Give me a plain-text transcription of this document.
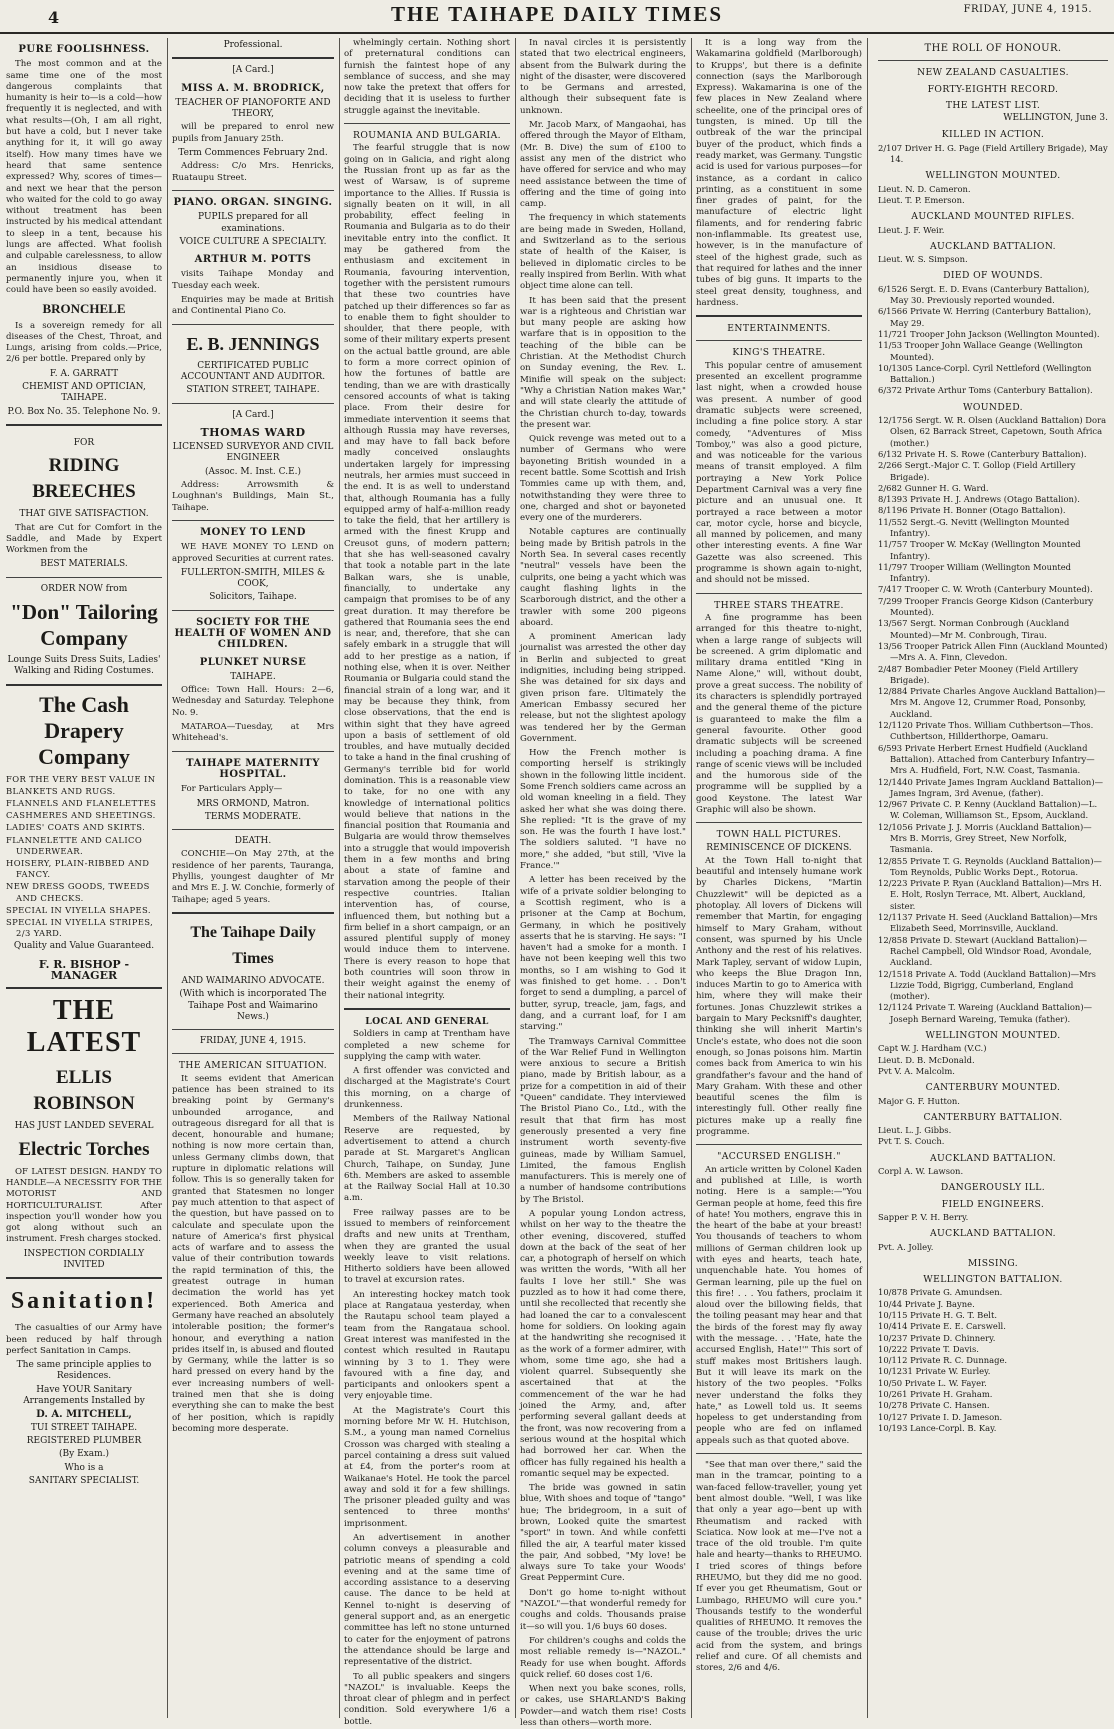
4	THE TAIHAPE DAILY TIMES	FRIDAY, JUNE 4, 1915.
PURE FOOLISHNESS.

The most common and at the same time one of the most dangerous complaints that humanity is heir to—is a cold—how frequently it is neglected, and with what results—(Oh, I am all right, but have a cold, but I never take anything for it, it will go away itself). How many times have we heard that same sentence expressed? Why, scores of times—and next we hear that the person who waited for the cold to go away without treatment has been instructed by his medical attendant to sleep in a tent, because his lungs are affected. What foolish and culpable carelessness, to allow an insidious disease to permanently injure you, when it could have been so easily avoided.

BRONCHELE

Is a sovereign remedy for all diseases of the Chest, Throat, and Lungs, arising from colds.—Price, 2/6 per bottle. Prepared only by

F. A. GARRATT
CHEMIST AND OPTICIAN, TAIHAPE.
P.O. Box No. 35. Telephone No. 9.
FOR
RIDING BREECHES
THAT GIVE SATISFACTION.

That are Cut for Comfort in the Saddle, and Made by Expert Workmen from the

BEST MATERIALS.
ORDER NOW from
"Don" Tailoring Company
Lounge Suits Dress Suits, Ladies' Walking and Riding Costumes.
The Cash Drapery Company
FOR THE VERY BEST VALUE IN
BLANKETS AND RUGS.
FLANNELS AND FLANELETTES
CASHMERES AND SHEETINGS.
LADIES' COATS AND SKIRTS.
FLANNELETTE AND CALICO UNDERWEAR.
HOISERY, PLAIN-RIBBED AND FANCY.
NEW DRESS GOODS, TWEEDS AND CHECKS.
SPECIAL IN VIYELLA SHAPES.
SPECIAL IN VIYELLA STRIPES, 2/3 YARD.
Quality and Value Guaranteed.
F. R. BISHOP - MANAGER
THE LATEST
ELLIS ROBINSON
HAS JUST LANDED SEVERAL
Electric Torches

OF LATEST DESIGN. HANDY TO HANDLE—A NECESSITY FOR THE MOTORIST AND HORTICULTURALIST. After inspection you'll wonder how you got along without such an instrument. Fresh charges stocked.

INSPECTION CORDIALLY INVITED
Sanitation!

The casualties of our Army have been reduced by half through perfect Sanitation in Camps.

The same principle applies to Residences.
Have YOUR Sanitary Arrangements Installed by
D. A. MITCHELL,
TUI STREET TAIHAPE.
REGISTERED PLUMBER
(By Exam.)
Who is a
SANITARY SPECIALIST.
Professional.
[A Card.]
MISS A. M. BRODRICK,
TEACHER OF PIANOFORTE AND THEORY,

will be prepared to enrol new pupils from January 25th.

Term Commences February 2nd.

Address: C/o Mrs. Henricks, Ruataupu Street.

PIANO. ORGAN. SINGING.
PUPILS prepared for all examinations.
VOICE CULTURE A SPECIALTY.
ARTHUR M. POTTS

visits Taihape Monday and Tuesday each week.

Enquiries may be made at British and Continental Piano Co.

E. B. JENNINGS
CERTIFICATED PUBLIC ACCOUNTANT AND AUDITOR.
STATION STREET, TAIHAPE.
[A Card.]
THOMAS WARD
LICENSED SURVEYOR AND CIVIL ENGINEER
(Assoc. M. Inst. C.E.)

Address: Arrowsmith & Loughnan's Buildings, Main St., Taihape.

MONEY TO LEND

WE HAVE MONEY TO LEND on approved Securities at current rates.

FULLERTON-SMITH, MILES & COOK,
Solicitors, Taihape.
SOCIETY FOR THE HEALTH OF WOMEN AND CHILDREN.
PLUNKET NURSE
TAIHAPE.

Office: Town Hall. Hours: 2—6, Wednesday and Saturday. Telephone No. 9.

MATAROA—Tuesday, at Mrs Whitehead's.

TAIHAPE MATERNITY HOSPITAL.

For Particulars Apply—

MRS ORMOND, Matron.
TERMS MODERATE.
DEATH.

CONCHIE—On May 27th, at the residence of her parents, Tauranga, Phyllis, youngest daughter of Mr and Mrs E. J. W. Conchie, formerly of Taihape; aged 5 years.

The Taihape Daily Times
AND WAIMARINO ADVOCATE.
(With which is incorporated The Taihape Post and Waimarino News.)
FRIDAY, JUNE 4, 1915.
THE AMERICAN SITUATION.

It seems evident that American patience has been strained to its breaking point by Germany's unbounded arrogance, and outrageous disregard for all that is decent, honourable and humane; nothing is now more certain than, unless Germany climbs down, that rupture in diplomatic relations will follow. This is so generally taken for granted that Statesmen no longer pay much attention to that aspect of the question, but have passed on to calculate and speculate upon the nature of America's first physical acts of warfare and to assess the value of their contribution towards the rapid termination of this, the greatest outrage in human decimation the world has yet experienced. Both America and Germany have reached an absolutely intolerable position; the former's honour, and everything a nation prides itself in, is abused and flouted by Germany, while the latter is so hard pressed on every hand by the ever increasing numbers of well-trained men that she is doing everything she can to make the best of her position, which is rapidly becoming more desperate.

whelmingly certain. Nothing short of preternatural conditions can furnish the faintest hope of any semblance of success, and she may now take the pretext that offers for deciding that it is useless to further struggle against the inevitable.

ROUMANIA AND BULGARIA.

The fearful struggle that is now going on in Galicia, and right along the Russian front up as far as the west of Warsaw, is of supreme importance to the Allies. If Russia is signally beaten on it will, in all probability, effect feeling in Roumania and Bulgaria as to do their inevitable entry into the conflict. It may be gathered from the enthusiasm and excitement in Roumania, favouring intervention, together with the persistent rumours that these two countries have patched up their differences so far as to enable them to fight shoulder to shoulder, that there people, with some of their military experts present on the actual battle ground, are able to form a more correct opinion of how the fortunes of battle are tending, than we are with drastically censored accounts of what is taking place. From their desire for immediate intervention it seems that although Russia may have reverses, and may have to fall back before madly conceived onslaughts undertaken largely for impressing neutrals, her armies must succeed in the end. It is as well to understand that, although Roumania has a fully equipped army of half-a-million ready to take the field, that her artillery is armed with the finest Krupp and Creusot guns, of modern pattern; that she has well-seasoned cavalry that took a notable part in the late Balkan wars, she is unable, financially, to undertake any campaign that promises to be of any great duration. It may therefore be gathered that Roumania sees the end is near, and, therefore, that she can safely embark in a struggle that will add to her prestige as a nation, if nothing else, when it is over. Neither Roumania or Bulgaria could stand the financial strain of a long war, and it may be because they think, from close observations, that the end is within sight that they have agreed upon a basis of settlement of old troubles, and have mutually decided to take a hand in the final crushing of Germany's terrible bid for world domination. This is a reasonable view to take, for no one with any knowledge of international politics would believe that nations in the financial position that Roumania and Bulgaria are would throw themselves into a struggle that would impoverish them in a few months and bring about a state of famine and starvation among the people of their respective countries. Italian intervention has, of course, influenced them, but nothing but a firm belief in a short campaign, or an assured plentiful supply of money would induce them to intervene. There is every reason to hope that both countries will soon throw in their weight against the enemy of their national integrity.

LOCAL AND GENERAL

Soldiers in camp at Trentham have completed a new scheme for supplying the camp with water.

A first offender was convicted and discharged at the Magistrate's Court this morning, on a charge of drunkenness.

Members of the Railway National Reserve are requested, by advertisement to attend a church parade at St. Margaret's Anglican Church, Taihape, on Sunday, June 6th. Members are asked to assemble at the Railway Social Hall at 10.30 a.m.

Free railway passes are to be issued to members of reinforcement drafts and new units at Trentham, when they are granted the usual weekly leave to visit relations. Hitherto soldiers have been allowed to travel at excursion rates.

An interesting hockey match took place at Rangataua yesterday, when the Rautapu school team played a team from the Rangataua school. Great interest was manifested in the contest which resulted in Rautapu winning by 3 to 1. They were favoured with a fine day, and participants and onlookers spent a very enjoyable time.

At the Magistrate's Court this morning before Mr W. H. Hutchison, S.M., a young man named Cornelius Crosson was charged with stealing a parcel containing a dress suit valued at £4, from the porter's room at Waikanae's Hotel. He took the parcel away and sold it for a few shillings. The prisoner pleaded guilty and was sentenced to three months' imprisonment.

An advertisement in another column conveys a pleasurable and patriotic means of spending a cold evening and at the same time of according assistance to a deserving cause. The dance to be held at Kennel to-night is deserving of general support and, as an energetic committee has left no stone unturned to cater for the enjoyment of patrons the attendance should be large and representative of the district.

To all public speakers and singers "NAZOL" is invaluable. Keeps the throat clear of phlegm and in perfect condition. Sold everywhere 1/6 a bottle.

In naval circles it is persistently stated that two electrical engineers, absent from the Bulwark during the night of the disaster, were discovered to be Germans and arrested, although their subsequent fate is unknown.

Mr. Jacob Marx, of Mangaohai, has offered through the Mayor of Eltham, (Mr. B. Dive) the sum of £100 to assist any men of the district who have offered for service and who may need assistance between the time of offering and the time of going into camp.

The frequency in which statements are being made in Sweden, Holland, and Switzerland as to the serious state of health of the Kaiser, is believed in diplomatic circles to be really inspired from Berlin. With what object time alone can tell.

It has been said that the present war is a righteous and Christian war but many people are asking how warfare that is in opposition to the teaching of the bible can be Christian. At the Methodist Church on Sunday evening, the Rev. L. Minifie will speak on the subject: "Why a Christian Nation makes War," and will state clearly the attitude of the Christian church to-day, towards the present war.

Quick revenge was meted out to a number of Germans who were bayoneting British wounded in a recent battle. Some Scottish and Irish Tommies came up with them, and, notwithstanding they were three to one, charged and shot or bayoneted every one of the murderers.

Notable captures are continually being made by British patrols in the North Sea. In several cases recently "neutral" vessels have been the culprits, one being a yacht which was caught flashing lights in the Scarborough district, and the other a trawler with some 200 pigeons aboard.

A prominent American lady journalist was arrested the other day in Berlin and subjected to great indignities, including being stripped. She was detained for six days and given prison fare. Ultimately the American Embassy secured her release, but not the slightest apology was tendered her by the German Government.

How the French mother is comporting herself is strikingly shown in the following little incident. Some French soldiers came across an old woman kneeling in a field. They asked her what she was doing there. She replied: "It is the grave of my son. He was the fourth I have lost." The soldiers saluted. "I have no more," she added, "but still, 'Vive la France.'"

A letter has been received by the wife of a private soldier belonging to a Scottish regiment, who is a prisoner at the Camp at Bochum, Germany, in which he positively asserts that he is starving. He says: "I haven't had a smoke for a month. I have not been keeping well this two months, so I am wishing to God it was finished to get home. . . Don't forget to send a dumpling, a parcel of butter, syrup, treacle, jam, fags, and dang, and a currant loaf, for I am starving."

The Tramways Carnival Committee of the War Relief Fund in Wellington were anxious to secure a British piano, made by British labour, as a prize for a competition in aid of their "Queen" candidate. They interviewed The Bristol Piano Co., Ltd., with the result that that firm has most generously presented a very fine instrument worth seventy-five guineas, made by William Samuel, Limited, the famous English manufacturers. This is merely one of a number of handsome contributions by The Bristol.

A popular young London actress, whilst on her way to the theatre the other evening, discovered, stuffed down at the back of the seat of her car, a photograph of herself on which was written the words, "With all her faults I love her still." She was puzzled as to how it had come there, until she recollected that recently she had loaned the car to a convalescent home for soldiers. On looking again at the handwriting she recognised it as the work of a former admirer, with whom, some time ago, she had a violent quarrel. Subsequently she ascertained that at the commencement of the war he had joined the Army, and, after performing several gallant deeds at the front, was now recovering from a serious wound at the hospital which had borrowed her car. When the officer has fully regained his health a romantic sequel may be expected.

The bride was gowned in satin blue, With shoes and toque of "tango" hue; The bridegroom, in a suit of brown, Looked quite the smartest "sport" in town. And while confetti filled the air, A tearful mater kissed the pair, And sobbed, "My love! be always sure To take your Woods' Great Peppermint Cure.

Don't go home to-night without "NAZOL"—that wonderful remedy for coughs and colds. Thousands praise it—so will you. 1/6 buys 60 doses.

For children's coughs and colds the most reliable remedy is—"NAZOL." Ready for use when bought. Affords quick relief. 60 doses cost 1/6.

When next you bake scones, rolls, or cakes, use SHARLAND'S Baking Powder—and watch them rise! Costs less than others—worth more.

It is a long way from the Wakamarina goldfield (Marlborough) to Krupps', but there is a definite connection (says the Marlborough Express). Wakamarina is one of the few places in New Zealand where scheelite, one of the principal ores of tungsten, is mined. Up till the outbreak of the war the principal buyer of the product, which finds a ready market, was Germany. Tungstic acid is used for various purposes—for instance, as a cordant in calico printing, as a constituent in some finer grades of paint, for the manufacture of electric light filaments, and for rendering fabric non-inflammable. Its greatest use, however, is in the manufacture of steel of the highest grade, such as that required for lathes and the inner tubes of big guns. It imparts to the steel great density, toughness, and hardness.

ENTERTAINMENTS.
KING'S THEATRE.

This popular centre of amusement presented an excellent programme last night, when a crowded house was present. A number of good dramatic subjects were screened, including a fine police story. A star comedy, "Adventures of Miss Tomboy," was also a good picture, and was noticeable for the various means of transit employed. A film portraying a New York Police Department Carnival was a very fine picture and an unusual one. It portrayed a race between a motor car, motor cycle, horse and bicycle, all manned by policemen, and many other interesting events. A fine War Gazette was also screened. This programme is shown again to-night, and should not be missed.

THREE STARS THEATRE.

A fine programme has been arranged for this theatre to-night, when a large range of subjects will be screened. A grim diplomatic and military drama entitled "King in Name Alone," will, without doubt, prove a great success. The nobility of its characters is splendidly portrayed and the general theme of the picture is guaranteed to make the film a general favourite. Other good dramatic subjects will be screened including a poaching drama. A fine range of scenic views will be included and the humorous side of the programme will be supplied by a good Keystone. The latest War Graphic will also be shown.

TOWN HALL PICTURES.
REMINISCENCE OF DICKENS.

At the Town Hall to-night that beautiful and intensely humane work by Charles Dickens, "Martin Chuzzlewit" will be depicted as a photoplay. All lovers of Dickens will remember that Martin, for engaging himself to Mary Graham, without consent, was spurned by his Uncle Anthony and the rest of his relatives. Mark Tapley, servant of widow Lupin, who keeps the Blue Dragon Inn, induces Martin to go to America with him, where they will make their fortunes. Jonas Chuzzlewit strikes a bargain to Mary Pecksniff's daughter, thinking she will inherit Martin's Uncle's estate, who does not die soon enough, so Jonas poisons him. Martin comes back from America to win his grandfather's favour and the hand of Mary Graham. With these and other beautiful scenes the film is interestingly full. Other really fine pictures make up a really fine programme.

"ACCURSED ENGLISH."

An article written by Colonel Kaden and published at Lille, is worth noting. Here is a sample:—"You German people at home, feed this fire of hate! You mothers, engrave this in the heart of the babe at your breast! You thousands of teachers to whom millions of German children look up with eyes and hearts, teach hate, unquenchable hate. You homes of German learning, pile up the fuel on this fire! . . . You fathers, proclaim it aloud over the billowing fields, that the toiling peasant may hear and that the birds of the forest may fly away with the message. . . 'Hate, hate the accursed English, Hate!'" This sort of stuff makes most Britishers laugh. But it will leave its mark on the history of the two peoples. "Folks never understand the folks they hate," as Lowell told us. It seems hopeless to get understanding from people who are fed on inflamed appeals such as that quoted above.

"See that man over there," said the man in the tramcar, pointing to a wan-faced fellow-traveller, young yet bent almost double. "Well, I was like that only a year ago—bent up with Rheumatism and racked with Sciatica. Now look at me—I've not a trace of the old trouble. I'm quite hale and hearty—thanks to RHEUMO. I tried scores of things before RHEUMO, but they did me no good. If ever you get Rheumatism, Gout or Lumbago, RHEUMO will cure you." Thousands testify to the wonderful qualities of RHEUMO. It removes the cause of the trouble; drives the uric acid from the system, and brings relief and cure. Of all chemists and stores, 2/6 and 4/6.

THE ROLL OF HONOUR.
NEW ZEALAND CASUALTIES.
FORTY-EIGHTH RECORD.
THE LATEST LIST.
WELLINGTON, June 3.
KILLED IN ACTION.
2/107 Driver H. G. Page (Field Artillery Brigade), May 14.
WELLINGTON MOUNTED.
Lieut. N. D. Cameron.
Lieut. T. P. Emerson.
AUCKLAND MOUNTED RIFLES.
Lieut. J. F. Weir.
AUCKLAND BATTALION.
Lieut. W. S. Simpson.
DIED OF WOUNDS.
6/1526 Sergt. E. D. Evans (Canterbury Battalion), May 30. Previously reported wounded.
6/1566 Private W. Herring (Canterbury Battalion), May 29.
11/721 Trooper John Jackson (Wellington Mounted).
11/53 Trooper John Wallace Geange (Wellington Mounted).
10/1305 Lance-Corpl. Cyril Nettleford (Wellington Battalion.)
6/372 Private Arthur Toms (Canterbury Battalion).
WOUNDED.
12/1756 Sergt. W. R. Olsen (Auckland Battalion) Dora Olsen, 62 Barrack Street, Capetown, South Africa (mother.)
6/132 Private H. S. Rowe (Canterbury Battalion).
2/266 Sergt.-Major C. T. Gollop (Field Artillery Brigade).
2/682 Gunner H. G. Ward.
8/1393 Private H. J. Andrews (Otago Battalion).
8/1196 Private H. Bonner (Otago Battalion).
11/552 Sergt.-G. Nevitt (Wellington Mounted Infantry).
11/757 Trooper W. McKay (Wellington Mounted Infantry).
11/797 Trooper William (Wellington Mounted Infantry).
7/417 Trooper C. W. Wroth (Canterbury Mounted).
7/299 Trooper Francis George Kidson (Canterbury Mounted).
13/567 Sergt. Norman Conbrough (Auckland Mounted)—Mr M. Conbrough, Tirau.
13/56 Trooper Patrick Allen Finn (Auckland Mounted)—Mrs A. A. Finn, Clevedon.
2/487 Bombadier Peter Mooney (Field Artillery Brigade).
12/884 Private Charles Angove Auckland Battalion)—Mrs M. Angove 12, Crummer Road, Ponsonby, Auckland.
12/1120 Private Thos. William Cuthbertson—Thos. Cuthbertson, Hillderthorpe, Oamaru.
6/593 Private Herbert Ernest Hudfield (Auckland Battalion). Attached from Canterbury Infantry—Mrs A. Hudfield, Fort, N.W. Coast, Tasmania.
12/1440 Private James Ingram Auckland Battalion)—James Ingram, 3rd Avenue, (father).
12/967 Private C. P. Kenny (Auckland Battalion)—L. W. Coleman, Williamson St., Epsom, Auckland.
12/1056 Private J. J. Morris (Auckland Battalion)—Mrs B. Morris, Grey Street, New Norfolk, Tasmania.
12/855 Private T. G. Reynolds (Auckland Battalion)—Tom Reynolds, Public Works Dept., Rotorua.
12/223 Private P. Ryan (Auckland Battalion)—Mrs H. E. Holt, Roslyn Terrace, Mt. Albert, Auckland, sister.
12/1137 Private H. Seed (Auckland Battalion)—Mrs Elizabeth Seed, Morrinsville, Auckland.
12/858 Private D. Stewart (Auckland Battalion)—Rachel Campbell, Old Windsor Road, Avondale, Auckland.
12/1518 Private A. Todd (Auckland Battalion)—Mrs Lizzie Todd, Bigrigg, Cumberland, England (mother).
12/1124 Private T. Wareing (Auckland Battalion)—Joseph Bernard Wareing, Temuka (father).
WELLINGTON MOUNTED.
Capt W. J. Hardham (V.C.)
Lieut. D. B. McDonald.
Pvt V. A. Malcolm.
CANTERBURY MOUNTED.
Major G. F. Hutton.
CANTERBURY BATTALION.
Lieut. L. J. Gibbs.
Pvt T. S. Couch.
AUCKLAND BATTALION.
Corpl A. W. Lawson.
DANGEROUSLY ILL.
FIELD ENGINEERS.
Sapper P. V. H. Berry.
AUCKLAND BATTALION.
Pvt. A. Jolley.
MISSING.
WELLINGTON BATTALION.
10/878 Private G. Amundsen.
10/44 Private J. Bayne.
10/115 Private H. G. T. Belt.
10/414 Private E. E. Carswell.
10/237 Private D. Chinnery.
10/222 Private T. Davis.
10/112 Private R. C. Dunnage.
10/1231 Private W. Eurley.
10/50 Private L. W. Fayer.
10/261 Private H. Graham.
10/278 Private C. Hansen.
10/127 Private I. D. Jameson.
10/193 Lance-Corpl. B. Kay.
